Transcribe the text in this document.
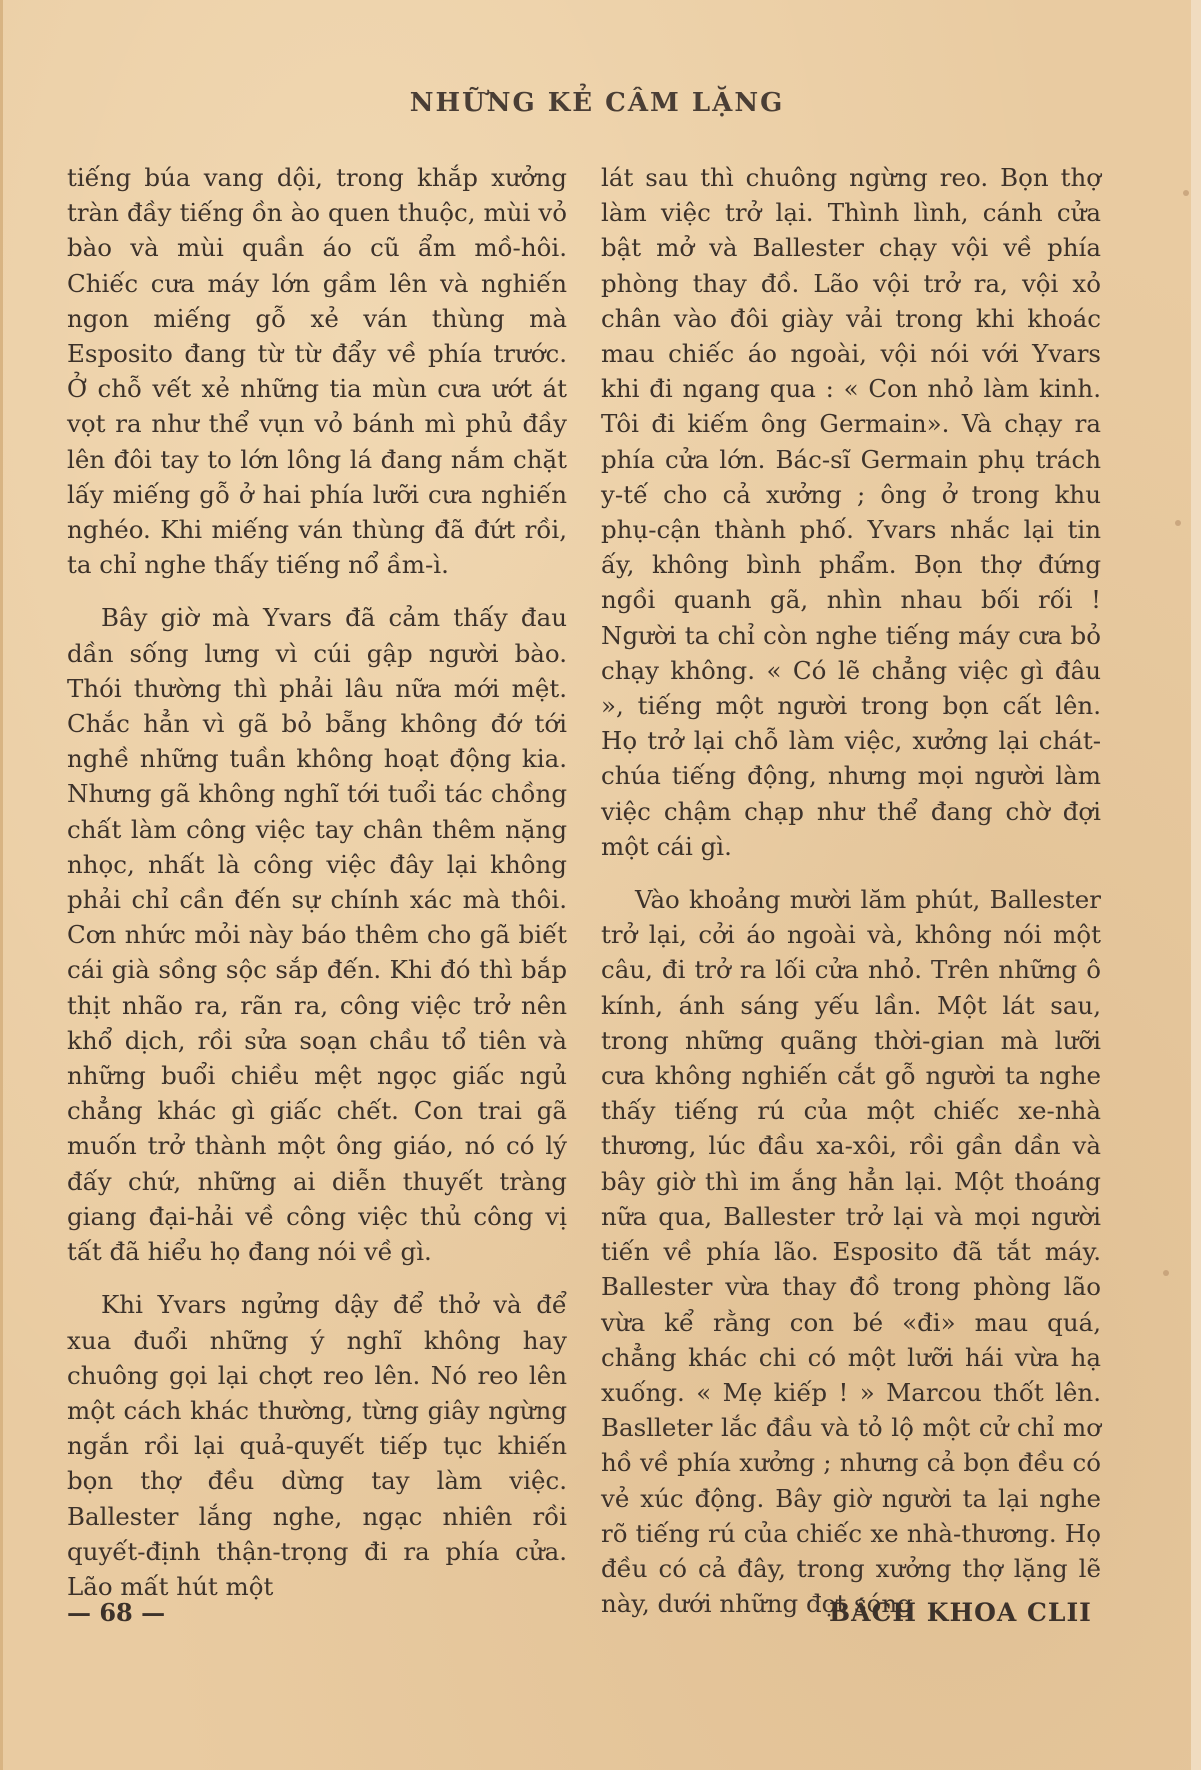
NHỮNG KẺ CÂM LẶNG

tiếng búa vang dội, trong khắp xưởng tràn đầy tiếng ồn ào quen thuộc, mùi vỏ bào và mùi quần áo cũ ẩm mồ-hôi. Chiếc cưa máy lớn gầm lên và nghiến ngon miếng gỗ xẻ ván thùng mà Esposito đang từ từ đẩy về phía trước. Ở chỗ vết xẻ những tia mùn cưa ướt át vọt ra như thể vụn vỏ bánh mì phủ đầy lên đôi tay to lớn lông lá đang nắm chặt lấy miếng gỗ ở hai phía lưỡi cưa nghiến nghéo. Khi miếng ván thùng đã đứt rồi, ta chỉ nghe thấy tiếng nổ ầm-ì.

Bây giờ mà Yvars đã cảm thấy đau dần sống lưng vì cúi gập người bào. Thói thường thì phải lâu nữa mới mệt. Chắc hẳn vì gã bỏ bẵng không đớ tới nghề những tuần không hoạt động kia. Nhưng gã không nghĩ tới tuổi tác chồng chất làm công việc tay chân thêm nặng nhọc, nhất là công việc đây lại không phải chỉ cần đến sự chính xác mà thôi. Cơn nhức mỏi này báo thêm cho gã biết cái già sồng sộc sắp đến. Khi đó thì bắp thịt nhão ra, rãn ra, công việc trở nên khổ dịch, rồi sửa soạn chầu tổ tiên và những buổi chiều mệt ngọc giấc ngủ chẳng khác gì giấc chết. Con trai gã muốn trở thành một ông giáo, nó có lý đấy chứ, những ai diễn thuyết tràng giang đại-hải về công việc thủ công vị tất đã hiểu họ đang nói về gì.

Khi Yvars ngửng dậy để thở và để xua đuổi những ý nghĩ không hay chuông gọi lại chợt reo lên. Nó reo lên một cách khác thường, từng giây ngừng ngắn rồi lại quả-quyết tiếp tục khiến bọn thợ đều dừng tay làm việc. Ballester lắng nghe, ngạc nhiên rồi quyết-định thận-trọng đi ra phía cửa. Lão mất hút một

lát sau thì chuông ngừng reo. Bọn thợ làm việc trở lại. Thình lình, cánh cửa bật mở và Ballester chạy vội về phía phòng thay đồ. Lão vội trở ra, vội xỏ chân vào đôi giày vải trong khi khoác mau chiếc áo ngoài, vội nói với Yvars khi đi ngang qua : « Con nhỏ làm kinh. Tôi đi kiếm ông Germain». Và chạy ra phía cửa lớn. Bác-sĩ Germain phụ trách y-tế cho cả xưởng ; ông ở trong khu phụ-cận thành phố. Yvars nhắc lại tin ấy, không bình phẩm. Bọn thợ đứng ngồi quanh gã, nhìn nhau bối rối ! Người ta chỉ còn nghe tiếng máy cưa bỏ chạy không. « Có lẽ chẳng việc gì đâu », tiếng một người trong bọn cất lên. Họ trở lại chỗ làm việc, xưởng lại chát-chúa tiếng động, nhưng mọi người làm việc chậm chạp như thể đang chờ đợi một cái gì.

Vào khoảng mười lăm phút, Ballester trở lại, cởi áo ngoài và, không nói một câu, đi trở ra lối cửa nhỏ. Trên những ô kính, ánh sáng yếu lần. Một lát sau, trong những quãng thời-gian mà lưỡi cưa không nghiến cắt gỗ người ta nghe thấy tiếng rú của một chiếc xe-nhà thương, lúc đầu xa-xôi, rồi gần dần và bây giờ thì im ắng hẳn lại. Một thoáng nữa qua, Ballester trở lại và mọi người tiến về phía lão. Esposito đã tắt máy. Ballester vừa thay đồ trong phòng lão vừa kể rằng con bé «đi» mau quá, chẳng khác chi có một lưỡi hái vừa hạ xuống. « Mẹ kiếp ! » Marcou thốt lên. Baslleter lắc đầu và tỏ lộ một cử chỉ mơ hồ về phía xưởng ; nhưng cả bọn đều có vẻ xúc động. Bây giờ người ta lại nghe rõ tiếng rú của chiếc xe nhà-thương. Họ đều có cả đây, trong xưởng thợ lặng lẽ này, dưới những đợt sóng

— 68 —	BÁCH KHOA CLII
